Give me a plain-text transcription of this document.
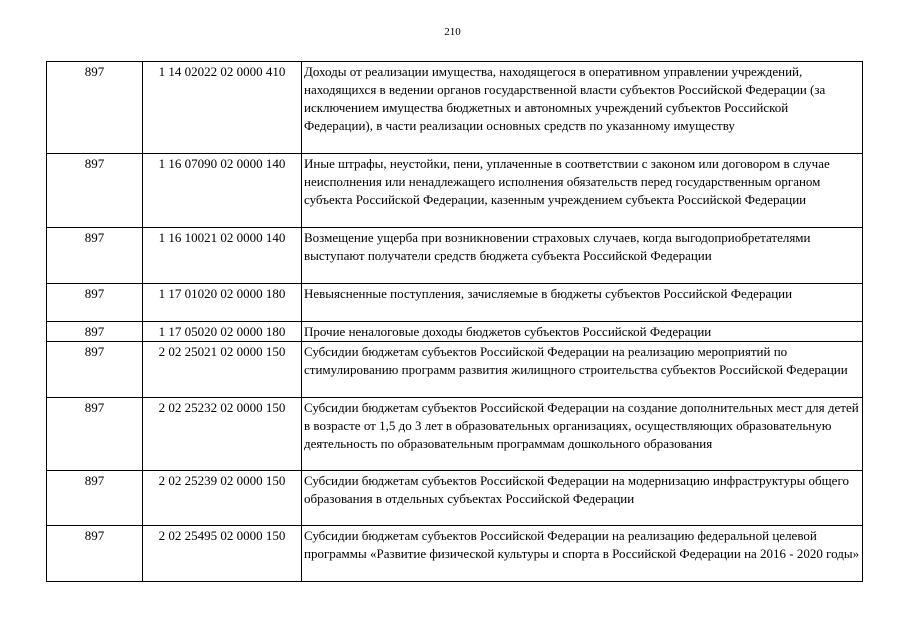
210
897	1 14 02022 02 0000 410	Доходы от реализации имущества, находящегося в оперативном управлении учреждений, находящихся в ведении органов государственной власти субъектов Российской Федерации (за исключением имущества бюджетных и автономных учреждений субъектов Российской Федерации), в части реализации основных средств по указанному имуществу
897	1 16 07090 02 0000 140	Иные штрафы, неустойки, пени, уплаченные в соответствии с законом или договором в случае неисполнения или ненадлежащего исполнения обязательств перед государственным органом субъекта Российской Федерации, казенным учреждением субъекта Российской Федерации
897	1 16 10021 02 0000 140	Возмещение ущерба при возникновении страховых случаев, когда выгодоприобретателями выступают получатели средств бюджета субъекта Российской Федерации
897	1 17 01020 02 0000 180	Невыясненные поступления, зачисляемые в бюджеты субъектов Российской Федерации
897	1 17 05020 02 0000 180	Прочие неналоговые доходы бюджетов субъектов Российской Федерации
897	2 02 25021 02 0000 150	Субсидии бюджетам субъектов Российской Федерации на реализацию мероприятий по стимулированию программ развития жилищного строительства субъектов Российской Федерации
897	2 02 25232 02 0000 150	Субсидии бюджетам субъектов Российской Федерации на создание дополнительных мест для детей в возрасте от 1,5 до 3 лет в образовательных организациях, осуществляющих образовательную деятельность по образовательным программам дошкольного образования
897	2 02 25239 02 0000 150	Субсидии бюджетам субъектов Российской Федерации на модернизацию инфраструктуры общего образования в отдельных субъектах Российской Федерации
897	2 02 25495 02 0000 150	Субсидии бюджетам субъектов Российской Федерации на реализацию федеральной целевой программы «Развитие физической культуры и спорта в Российской Федерации на 2016 - 2020 годы»
